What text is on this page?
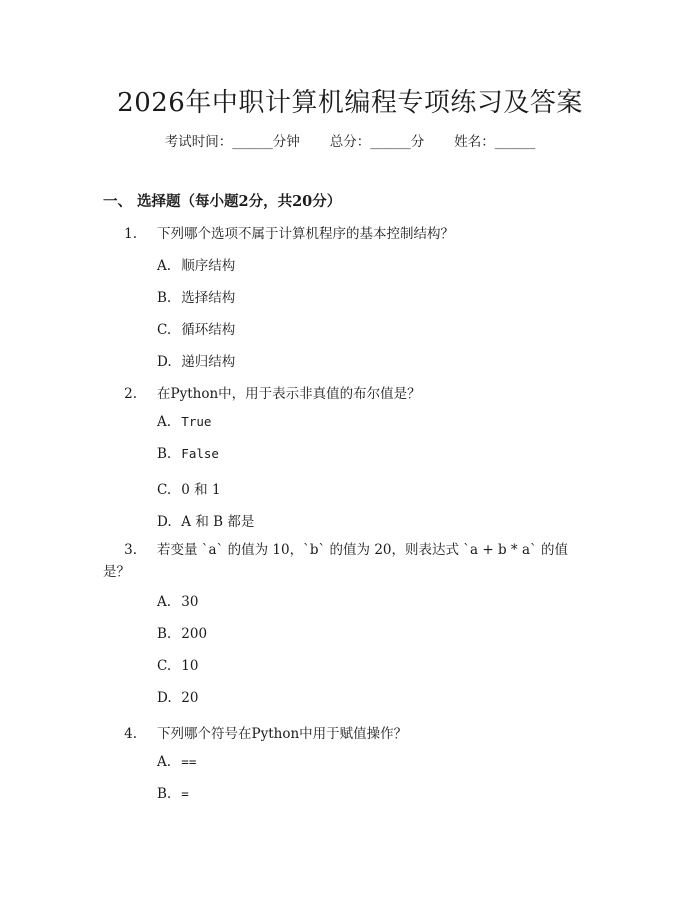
2026年中职计算机编程专项练习及答案
考试时间：______分钟 总分：______分 姓名：______
一、 选择题（每小题2分，共20分）
1. 下列哪个选项不属于计算机程序的基本控制结构？
A. 顺序结构
B. 选择结构
C. 循环结构
D. 递归结构
2. 在Python中，用于表示非真值的布尔值是？
A. True
B. False
C. 0 和 1
D. A 和 B 都是
3. 若变量 `a` 的值为 10，`b` 的值为 20，则表达式 `a + b * a` 的值是？
A. 30
B. 200
C. 10
D. 20
4. 下列哪个符号在Python中用于赋值操作？
A. ==
B. =
